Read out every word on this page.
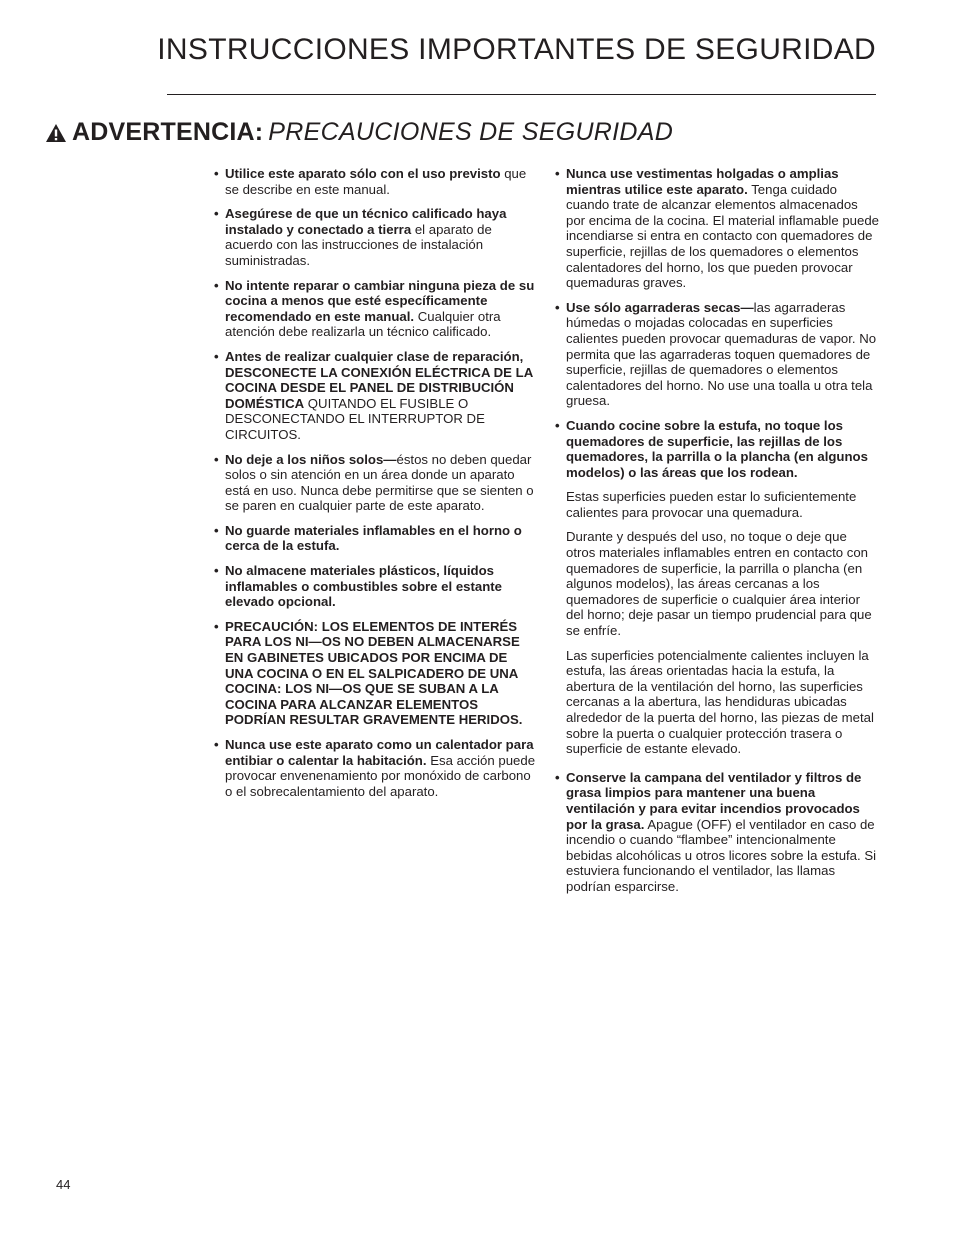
INSTRUCCIONES IMPORTANTES DE SEGURIDAD
ADVERTENCIA: PRECAUCIONES DE SEGURIDAD

• Utilice este aparato sólo con el uso previsto que se describe en este manual.

• Asegúrese de que un técnico calificado haya instalado y conectado a tierra el aparato de acuerdo con las instrucciones de instalación suministradas.

• No intente reparar o cambiar ninguna pieza de su cocina a menos que esté específicamente recomendado en este manual. Cualquier otra atención debe realizarla un técnico calificado.

• Antes de realizar cualquier clase de reparación, DESCONECTE LA CONEXIÓN ELÉCTRICA DE LA COCINA DESDE EL PANEL DE DISTRIBUCIÓN DOMÉSTICA QUITANDO EL FUSIBLE O DESCONECTANDO EL INTERRUPTOR DE CIRCUITOS.

• No deje a los niños solos—éstos no deben quedar solos o sin atención en un área donde un aparato está en uso. Nunca debe permitirse que se sienten o se paren en cualquier parte de este aparato.

• No guarde materiales inflamables en el horno o cerca de la estufa.

• No almacene materiales plásticos, líquidos inflamables o combustibles sobre el estante elevado opcional.

• PRECAUCIÓN: LOS ELEMENTOS DE INTERÉS PARA LOS NI—OS NO DEBEN ALMACENARSE EN GABINETES UBICADOS POR ENCIMA DE UNA COCINA O EN EL SALPICADERO DE UNA COCINA: LOS NI—OS QUE SE SUBAN A LA COCINA PARA ALCANZAR ELEMENTOS PODRÍAN RESULTAR GRAVEMENTE HERIDOS.

• Nunca use este aparato como un calentador para entibiar o calentar la habitación. Esa acción puede provocar envenenamiento por monóxido de carbono o el sobrecalentamiento del aparato.

• Nunca use vestimentas holgadas o amplias mientras utilice este aparato. Tenga cuidado cuando trate de alcanzar elementos almacenados por encima de la cocina. El material inflamable puede incendiarse si entra en contacto con quemadores de superficie, rejillas de los quemadores o elementos calentadores del horno, los que pueden provocar quemaduras graves.

• Use sólo agarraderas secas—las agarraderas húmedas o mojadas colocadas en superficies calientes pueden provocar quemaduras de vapor. No permita que las agarraderas toquen quemadores de superficie, rejillas de quemadores o elementos calentadores del horno. No use una toalla u otra tela gruesa.

• Cuando cocine sobre la estufa, no toque los quemadores de superficie, las rejillas de los quemadores, la parrilla o la plancha (en algunos modelos) o las áreas que los rodean.

Estas superficies pueden estar lo suficientemente calientes para provocar una quemadura.

Durante y después del uso, no toque o deje que otros materiales inflamables entren en contacto con quemadores de superficie, la parrilla o plancha (en algunos modelos), las áreas cercanas a los quemadores de superficie o cualquier área interior del horno; deje pasar un tiempo prudencial para que se enfríe.

Las superficies potencialmente calientes incluyen la estufa, las áreas orientadas hacia la estufa, la abertura de la ventilación del horno, las superficies cercanas a la abertura, las hendiduras ubicadas alrededor de la puerta del horno, las piezas de metal sobre la puerta o cualquier protección trasera o superficie de estante elevado.

• Conserve la campana del ventilador y filtros de grasa limpios para mantener una buena ventilación y para evitar incendios provocados por la grasa. Apague (OFF) el ventilador en caso de incendio o cuando “flambee” intencionalmente bebidas alcohólicas u otros licores sobre la estufa. Si estuviera funcionando el ventilador, las llamas podrían esparcirse.

44
